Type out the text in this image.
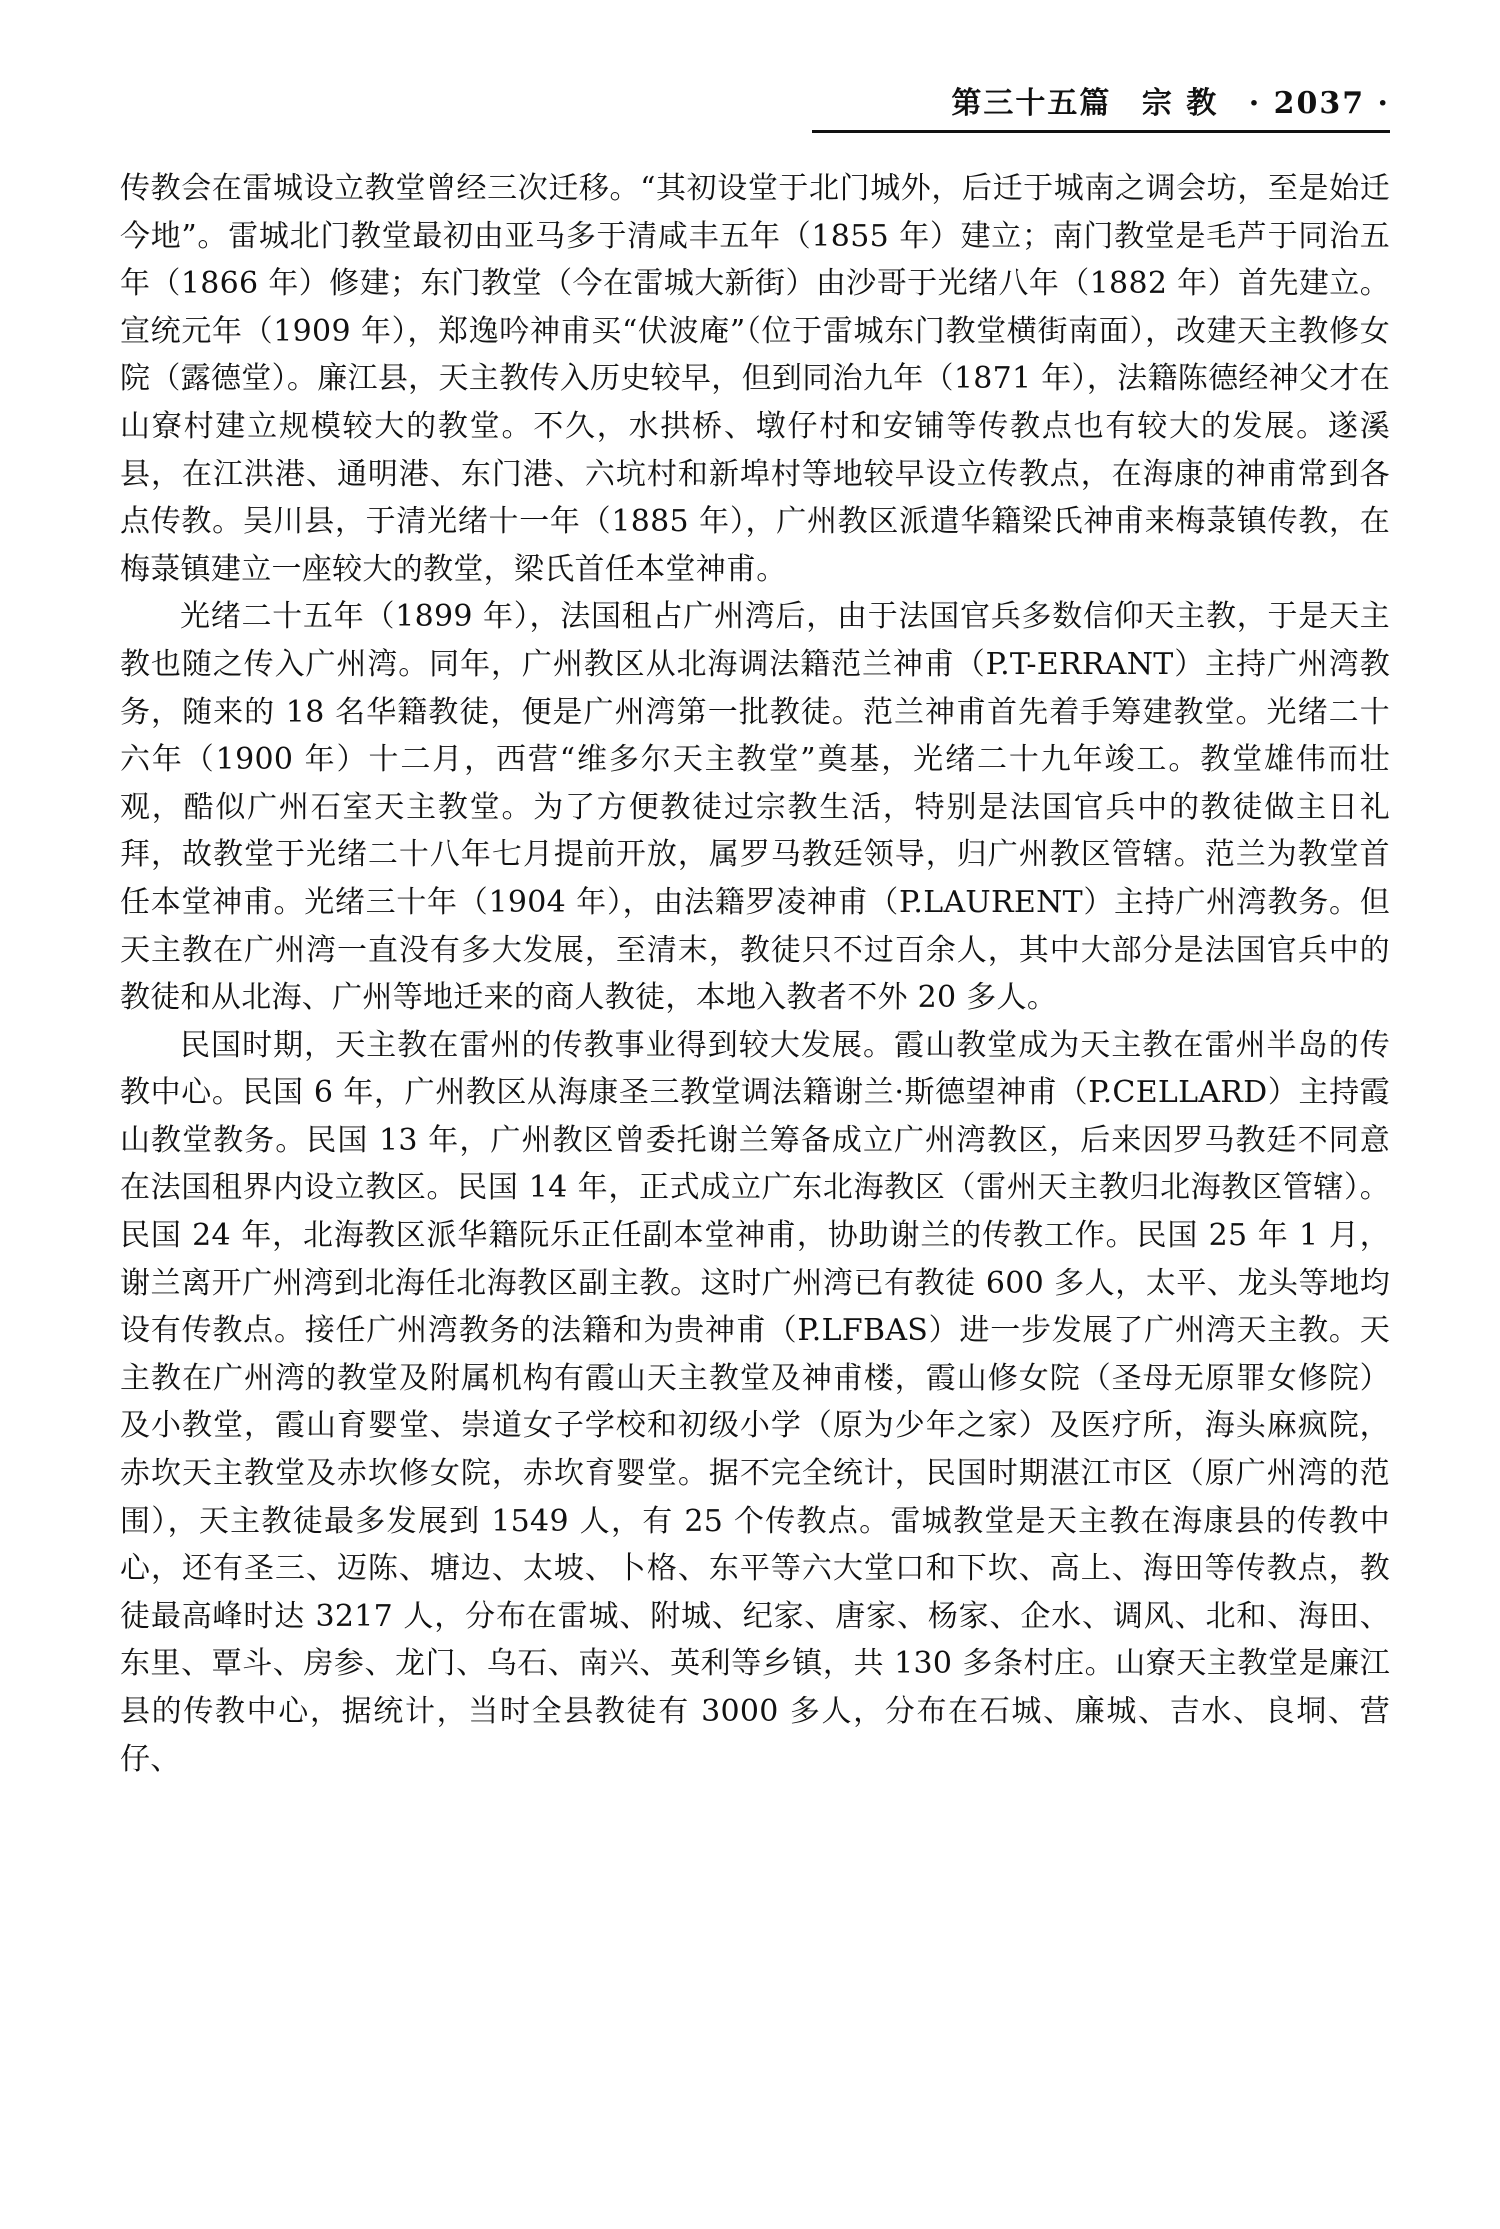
第三十五篇 宗 教 · 2037 ·

传教会在雷城设立教堂曾经三次迁移。“其初设堂于北门城外，后迁于城南之调会坊，至是始迁今地”。雷城北门教堂最初由亚马多于清咸丰五年（1855 年）建立；南门教堂是毛芦于同治五年（1866 年）修建；东门教堂（今在雷城大新街）由沙哥于光绪八年（1882 年）首先建立。宣统元年（1909 年），郑逸吟神甫买“伏波庵”（位于雷城东门教堂横街南面），改建天主教修女院（露德堂）。廉江县，天主教传入历史较早，但到同治九年（1871 年），法籍陈德经神父才在山寮村建立规模较大的教堂。不久，水拱桥、墩仔村和安铺等传教点也有较大的发展。遂溪县，在江洪港、通明港、东门港、六坑村和新埠村等地较早设立传教点，在海康的神甫常到各点传教。吴川县，于清光绪十一年（1885 年），广州教区派遣华籍梁氏神甫来梅菉镇传教，在梅菉镇建立一座较大的教堂，梁氏首任本堂神甫。

光绪二十五年（1899 年），法国租占广州湾后，由于法国官兵多数信仰天主教，于是天主教也随之传入广州湾。同年，广州教区从北海调法籍范兰神甫（P.T-ERRANT）主持广州湾教务，随来的 18 名华籍教徒，便是广州湾第一批教徒。范兰神甫首先着手筹建教堂。光绪二十六年（1900 年）十二月，西营“维多尔天主教堂”奠基，光绪二十九年竣工。教堂雄伟而壮观，酷似广州石室天主教堂。为了方便教徒过宗教生活，特别是法国官兵中的教徒做主日礼拜，故教堂于光绪二十八年七月提前开放，属罗马教廷领导，归广州教区管辖。范兰为教堂首任本堂神甫。光绪三十年（1904 年），由法籍罗凌神甫（P.LAURENT）主持广州湾教务。但天主教在广州湾一直没有多大发展，至清末，教徒只不过百余人，其中大部分是法国官兵中的教徒和从北海、广州等地迁来的商人教徒，本地入教者不外 20 多人。

民国时期，天主教在雷州的传教事业得到较大发展。霞山教堂成为天主教在雷州半岛的传教中心。民国 6 年，广州教区从海康圣三教堂调法籍谢兰·斯德望神甫（P.CELLARD）主持霞山教堂教务。民国 13 年，广州教区曾委托谢兰筹备成立广州湾教区，后来因罗马教廷不同意在法国租界内设立教区。民国 14 年，正式成立广东北海教区（雷州天主教归北海教区管辖）。民国 24 年，北海教区派华籍阮乐正任副本堂神甫，协助谢兰的传教工作。民国 25 年 1 月，谢兰离开广州湾到北海任北海教区副主教。这时广州湾已有教徒 600 多人，太平、龙头等地均设有传教点。接任广州湾教务的法籍和为贵神甫（P.LFBAS）进一步发展了广州湾天主教。天主教在广州湾的教堂及附属机构有霞山天主教堂及神甫楼，霞山修女院（圣母无原罪女修院）及小教堂，霞山育婴堂、崇道女子学校和初级小学（原为少年之家）及医疗所，海头麻疯院，赤坎天主教堂及赤坎修女院，赤坎育婴堂。据不完全统计，民国时期湛江市区（原广州湾的范围），天主教徒最多发展到 1549 人，有 25 个传教点。雷城教堂是天主教在海康县的传教中心，还有圣三、迈陈、塘边、太坡、卜格、东平等六大堂口和下坎、高上、海田等传教点，教徒最高峰时达 3217 人，分布在雷城、附城、纪家、唐家、杨家、企水、调风、北和、海田、东里、覃斗、房参、龙门、乌石、南兴、英利等乡镇，共 130 多条村庄。山寮天主教堂是廉江县的传教中心，据统计，当时全县教徒有 3000 多人，分布在石城、廉城、吉水、良垌、营仔、
